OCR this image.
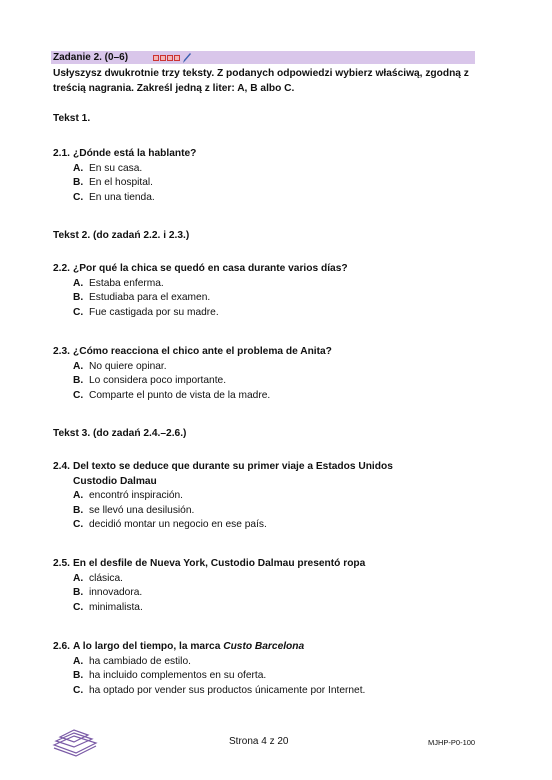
Zadanie 2. (0–6)
Usłyszysz dwukrotnie trzy teksty. Z podanych odpowiedzi wybierz właściwą, zgodną z treścią nagrania. Zakreśl jedną z liter: A, B albo C.
Tekst 1.
2.1. ¿Dónde está la hablante?
A. En su casa.
B. En el hospital.
C. En una tienda.
Tekst 2. (do zadań 2.2. i 2.3.)
2.2. ¿Por qué la chica se quedó en casa durante varios días?
A. Estaba enferma.
B. Estudiaba para el examen.
C. Fue castigada por su madre.
2.3. ¿Cómo reacciona el chico ante el problema de Anita?
A. No quiere opinar.
B. Lo considera poco importante.
C. Comparte el punto de vista de la madre.
Tekst 3. (do zadań 2.4.–2.6.)
2.4. Del texto se deduce que durante su primer viaje a Estados Unidos Custodio Dalmau
A. encontró inspiración.
B. se llevó una desilusión.
C. decidió montar un negocio en ese país.
2.5. En el desfile de Nueva York, Custodio Dalmau presentó ropa
A. clásica.
B. innovadora.
C. minimalista.
2.6. A lo largo del tiempo, la marca Custo Barcelona
A. ha cambiado de estilo.
B. ha incluido complementos en su oferta.
C. ha optado por vender sus productos únicamente por Internet.
Strona 4 z 20	MJHP-P0-100
